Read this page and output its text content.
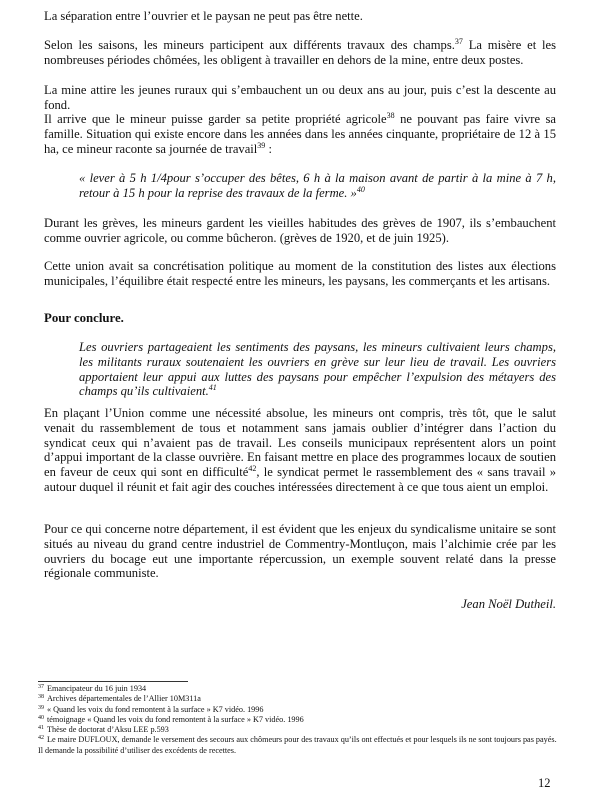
La séparation entre l’ouvrier et le paysan ne peut pas être nette.

Selon les saisons, les mineurs participent aux différents travaux des champs.$^{37}$ La misère et les nombreuses périodes chômées, les obligent à travailler en dehors de la mine, entre deux postes.

La mine attire les jeunes ruraux qui s’embauchent un ou deux ans au jour, puis c’est la descente au fond.

Il arrive que le mineur puisse garder sa petite propriété agricole$^{38}$ ne pouvant pas faire vivre sa famille. Situation qui existe encore dans les années dans les années cinquante, propriétaire de 12 à 15 ha, ce mineur raconte sa journée de travail$^{39}$ :

« lever à 5 h 1/4pour s’occuper des bêtes, 6 h à la maison avant de partir à la mine à 7 h, retour à 15 h pour la reprise des travaux de la ferme. »$^{40}$

Durant les grèves, les mineurs gardent les vieilles habitudes des grèves de 1907, ils s’embauchent comme ouvrier agricole, ou comme bûcheron. (grèves de 1920, et de juin 1925).

Cette union avait sa concrétisation politique au moment de la constitution des listes aux élections municipales, l’équilibre était respecté entre les mineurs, les paysans, les commerçants et les artisans.

Pour conclure.

Les ouvriers partageaient les sentiments des paysans, les mineurs cultivaient leurs champs, les militants ruraux soutenaient les ouvriers en grève sur leur lieu de travail. Les ouvriers apportaient leur appui aux luttes des paysans pour empêcher l’expulsion des métayers des champs qu’ils cultivaient.$^{41}$

En plaçant l’Union comme une nécessité absolue, les mineurs ont compris, très tôt, que le salut venait du rassemblement de tous et notamment sans jamais oublier d’intégrer dans l’action du syndicat ceux qui n’avaient pas de travail. Les conseils municipaux représentent alors un point d’appui important de la classe ouvrière. En faisant mettre en place des programmes locaux de soutien en faveur de ceux qui sont en difficulté$^{42}$, le syndicat permet le rassemblement des « sans travail » autour duquel il réunit et fait agir des couches intéressées directement à ce que tous aient un emploi.

Pour ce qui concerne notre département, il est évident que les enjeux du syndicalisme unitaire se sont situés au niveau du grand centre industriel de Commentry-Montluçon, mais l’alchimie crée par les ouvriers du bocage eut une importante répercussion, un exemple souvent relaté dans la presse régionale communiste.

Jean Noël Dutheil.

$^{37}$ Emancipateur du 16 juin 1934
$^{38}$ Archives départementales de l’Allier 10M311a
$^{39}$ « Quand les voix du fond remontent à la surface » K7 vidéo. 1996
$^{40}$ témoignage « Quand les voix du fond remontent à la surface » K7 vidéo. 1996
$^{41}$ Thèse de doctorat d’Aksu LEE p.593
$^{42}$ Le maire DUFLOUX, demande le versement des secours aux chômeurs pour des travaux qu’ils ont effectués et pour lesquels ils ne sont toujours pas payés.
Il demande la possibilité d’utiliser des excédents de recettes.
12
